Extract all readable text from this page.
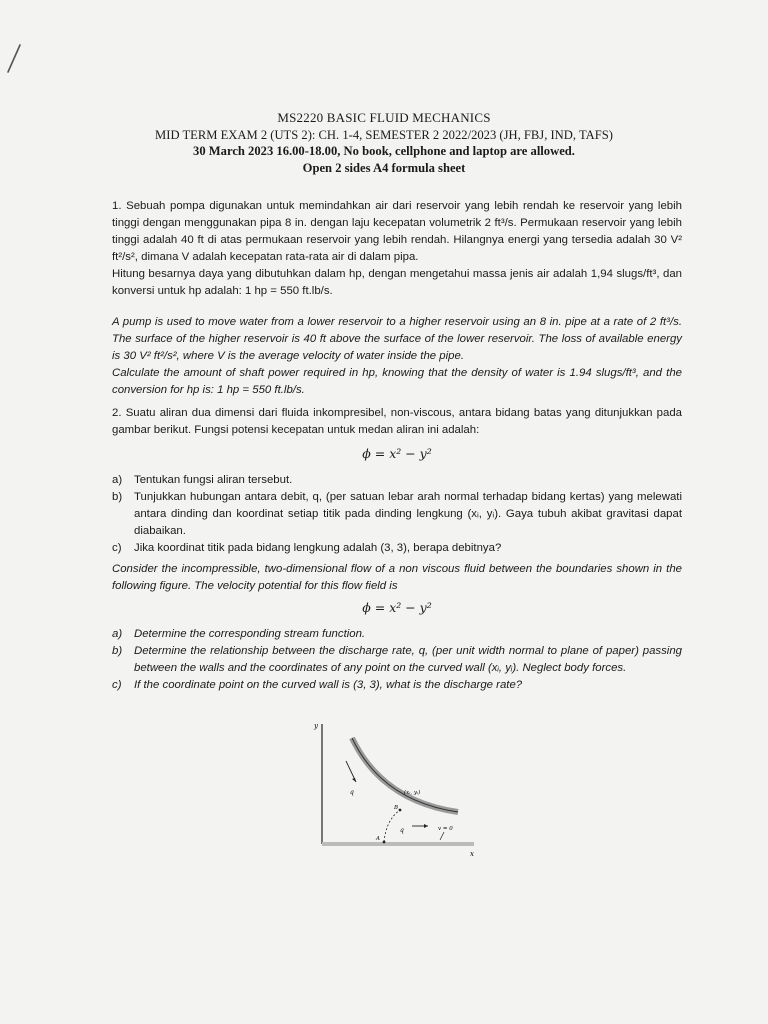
MS2220 BASIC FLUID MECHANICS
MID TERM EXAM 2 (UTS 2): CH. 1-4, SEMESTER 2 2022/2023 (JH, FBJ, IND, TAFS)
30 March 2023 16.00-18.00, No book, cellphone and laptop are allowed.
Open 2 sides A4 formula sheet

1. Sebuah pompa digunakan untuk memindahkan air dari reservoir yang lebih rendah ke reservoir yang lebih tinggi dengan menggunakan pipa 8 in. dengan laju kecepatan volumetrik 2 ft³/s. Permukaan reservoir yang lebih tinggi adalah 40 ft di atas permukaan reservoir yang lebih rendah. Hilangnya energi yang tersedia adalah 30 V² ft²/s², dimana V adalah kecepatan rata-rata air di dalam pipa.

Hitung besarnya daya yang dibutuhkan dalam hp, dengan mengetahui massa jenis air adalah 1,94 slugs/ft³, dan konversi untuk hp adalah: 1 hp = 550 ft.lb/s.

A pump is used to move water from a lower reservoir to a higher reservoir using an 8 in. pipe at a rate of 2 ft³/s. The surface of the higher reservoir is 40 ft above the surface of the lower reservoir. The loss of available energy is 30 V² ft²/s², where V is the average velocity of water inside the pipe.

Calculate the amount of shaft power required in hp, knowing that the density of water is 1.94 slugs/ft³, and the conversion for hp is: 1 hp = 550 ft.lb/s.

2. Suatu aliran dua dimensi dari fluida inkompresibel, non-viscous, antara bidang batas yang ditunjukkan pada gambar berikut. Fungsi potensi kecepatan untuk medan aliran ini adalah:

ϕ = x² − y²
a) Tentukan fungsi aliran tersebut.
b) Tunjukkan hubungan antara debit, q, (per satuan lebar arah normal terhadap bidang kertas) yang melewati antara dinding dan koordinat setiap titik pada dinding lengkung (xᵢ, yᵢ). Gaya tubuh akibat gravitasi dapat diabaikan.
c) Jika koordinat titik pada bidang lengkung adalah (3, 3), berapa debitnya?

Consider the incompressible, two-dimensional flow of a non viscous fluid between the boundaries shown in the following figure. The velocity potential for this flow field is

ϕ = x² − y²
a) Determine the corresponding stream function.
b) Determine the relationship between the discharge rate, q, (per unit width normal to plane of paper) passing between the walls and the coordinates of any point on the curved wall (xᵢ, yᵢ). Neglect body forces.
c) If the coordinate point on the curved wall is (3, 3), what is the discharge rate?
y
x
q
q
(xᵢ, yᵢ)
B
A
v = 0
